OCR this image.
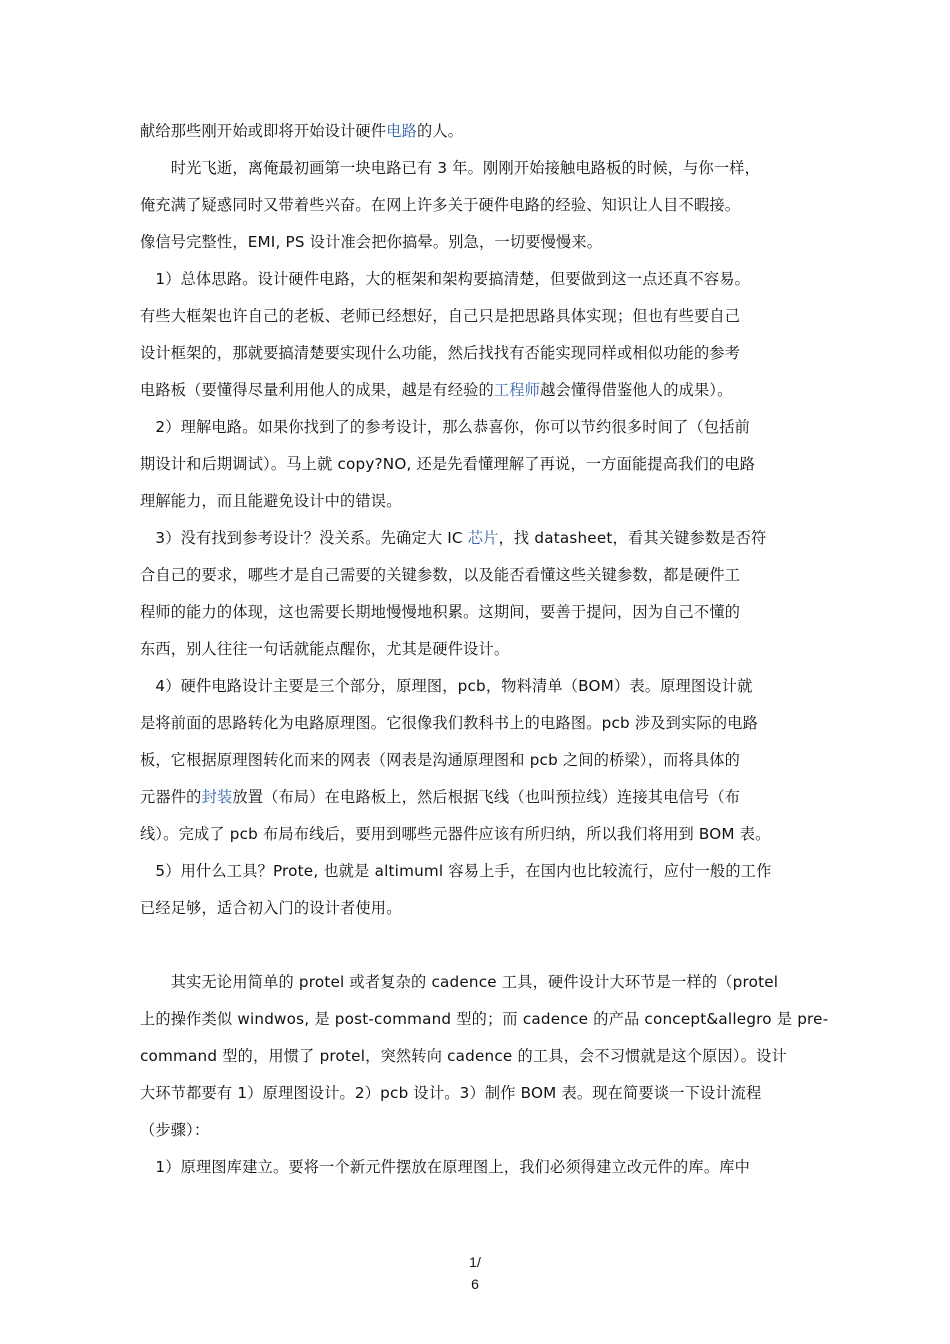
献给那些刚开始或即将开始设计硬件电路的人。
　　时光飞逝，离俺最初画第一块电路已有 3 年。刚刚开始接触电路板的时候，与你一样，
俺充满了疑惑同时又带着些兴奋。在网上许多关于硬件电路的经验、知识让人目不暇接。
像信号完整性，EMI, PS 设计准会把你搞晕。别急，一切要慢慢来。
　1）总体思路。设计硬件电路，大的框架和架构要搞清楚，但要做到这一点还真不容易。
有些大框架也许自己的老板、老师已经想好，自己只是把思路具体实现；但也有些要自己
设计框架的，那就要搞清楚要实现什么功能，然后找找有否能实现同样或相似功能的参考
电路板（要懂得尽量利用他人的成果，越是有经验的工程师越会懂得借鉴他人的成果）。
　2）理解电路。如果你找到了的参考设计，那么恭喜你，你可以节约很多时间了（包括前
期设计和后期调试）。马上就 copy?NO, 还是先看懂理解了再说，一方面能提高我们的电路
理解能力，而且能避免设计中的错误。
　3）没有找到参考设计？没关系。先确定大 IC 芯片，找 datasheet，看其关键参数是否符
合自己的要求，哪些才是自己需要的关键参数，以及能否看懂这些关键参数，都是硬件工
程师的能力的体现，这也需要长期地慢慢地积累。这期间，要善于提问，因为自己不懂的
东西，别人往往一句话就能点醒你，尤其是硬件设计。
　4）硬件电路设计主要是三个部分，原理图，pcb，物料清单（BOM）表。原理图设计就
是将前面的思路转化为电路原理图。它很像我们教科书上的电路图。pcb 涉及到实际的电路
板，它根据原理图转化而来的网表（网表是沟通原理图和 pcb 之间的桥梁），而将具体的
元器件的封装放置（布局）在电路板上，然后根据飞线（也叫预拉线）连接其电信号（布
线）。完成了 pcb 布局布线后，要用到哪些元器件应该有所归纳，所以我们将用到 BOM 表。
　5）用什么工具？Prote, 也就是 altimuml 容易上手，在国内也比较流行，应付一般的工作
已经足够，适合初入门的设计者使用。
　　其实无论用简单的 protel 或者复杂的 cadence 工具，硬件设计大环节是一样的（protel
上的操作类似 windwos, 是 post-command 型的；而 cadence 的产品 concept&allegro 是 pre-
command 型的，用惯了 protel，突然转向 cadence 的工具，会不习惯就是这个原因）。设计
大环节都要有 1）原理图设计。2）pcb 设计。3）制作 BOM 表。现在简要谈一下设计流程
（步骤）：
　1）原理图库建立。要将一个新元件摆放在原理图上，我们必须得建立改元件的库。库中
1/
6
